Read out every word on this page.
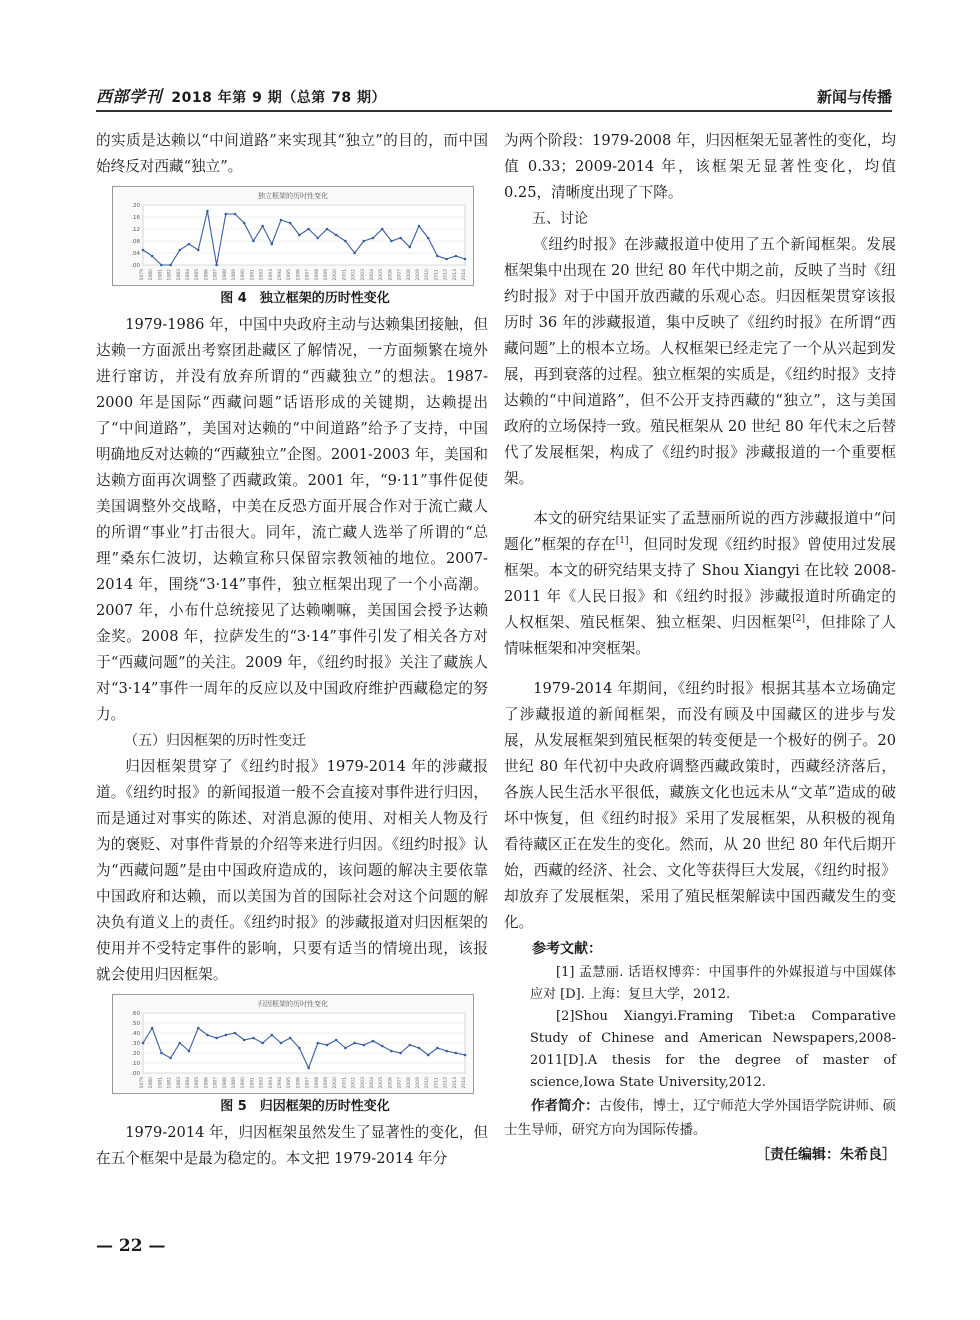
西部学刊 2018 年第 9 期（总第 78 期）	新闻与传播

的实质是达赖以“中间道路”来实现其“独立”的目的，而中国始终反对西藏“独立”。

独立框架的历时性变化
.00
.04
.08
.12
.16
.20
1979 1980 1981 1982 1983 1984 1985 1986 1987 1988 1989 1990 1991 1992 1993 1994 1995 1996 1997 1998 1999 2000 2001 2002 2003 2004 2005 2006 2007 2008 2009 2010 2011 2012 2013 2014

图 4　独立框架的历时性变化

1979-1986 年，中国中央政府主动与达赖集团接触，但达赖一方面派出考察团赴藏区了解情况，一方面频繁在境外进行窜访，并没有放弃所谓的“西藏独立”的想法。1987-2000 年是国际“西藏问题”话语形成的关键期，达赖提出了“中间道路”，美国对达赖的“中间道路”给予了支持，中国明确地反对达赖的“西藏独立”企图。2001-2003 年，美国和达赖方面再次调整了西藏政策。2001 年，“9·11”事件促使美国调整外交战略，中美在反恐方面开展合作对于流亡藏人的所谓“事业”打击很大。同年，流亡藏人选举了所谓的“总理”桑东仁波切，达赖宣称只保留宗教领袖的地位。2007-2014 年，围绕“3·14”事件，独立框架出现了一个小高潮。2007 年，小布什总统接见了达赖喇嘛，美国国会授予达赖金奖。2008 年，拉萨发生的“3·14”事件引发了相关各方对于“西藏问题”的关注。2009 年，《纽约时报》关注了藏族人对“3·14”事件一周年的反应以及中国政府维护西藏稳定的努力。

（五）归因框架的历时性变迁

归因框架贯穿了《纽约时报》1979-2014 年的涉藏报道。《纽约时报》的新闻报道一般不会直接对事件进行归因，而是通过对事实的陈述、对消息源的使用、对相关人物及行为的褒贬、对事件背景的介绍等来进行归因。《纽约时报》认为“西藏问题”是由中国政府造成的，该问题的解决主要依靠中国政府和达赖，而以美国为首的国际社会对这个问题的解决负有道义上的责任。《纽约时报》的涉藏报道对归因框架的使用并不受特定事件的影响，只要有适当的情境出现，该报就会使用归因框架。

归因框架的历时性变化
.00
.10
.20
.30
.40
.50
.60
1979 1980 1981 1982 1983 1984 1985 1986 1987 1988 1989 1990 1991 1992 1993 1994 1995 1996 1997 1998 1999 2000 2001 2002 2003 2004 2005 2006 2007 2008 2009 2010 2011 2012 2013 2014

图 5　归因框架的历时性变化

1979-2014 年，归因框架虽然发生了显著性的变化，但在五个框架中是最为稳定的。本文把 1979-2014 年分

为两个阶段：1979-2008 年，归因框架无显著性的变化，均值 0.33；2009-2014 年，该框架无显著性变化，均值 0.25，清晰度出现了下降。

五、讨论

《纽约时报》在涉藏报道中使用了五个新闻框架。发展框架集中出现在 20 世纪 80 年代中期之前，反映了当时《纽约时报》对于中国开放西藏的乐观心态。归因框架贯穿该报历时 36 年的涉藏报道，集中反映了《纽约时报》在所谓“西藏问题”上的根本立场。人权框架已经走完了一个从兴起到发展，再到衰落的过程。独立框架的实质是，《纽约时报》支持达赖的“中间道路”，但不公开支持西藏的“独立”，这与美国政府的立场保持一致。殖民框架从 20 世纪 80 年代末之后替代了发展框架，构成了《纽约时报》涉藏报道的一个重要框架。

本文的研究结果证实了孟慧丽所说的西方涉藏报道中“问题化”框架的存在[1]，但同时发现《纽约时报》曾使用过发展框架。本文的研究结果支持了 Shou Xiangyi 在比较 2008-2011 年《人民日报》和《纽约时报》涉藏报道时所确定的人权框架、殖民框架、独立框架、归因框架[2]，但排除了人情味框架和冲突框架。

1979-2014 年期间，《纽约时报》根据其基本立场确定了涉藏报道的新闻框架，而没有顾及中国藏区的进步与发展，从发展框架到殖民框架的转变便是一个极好的例子。20 世纪 80 年代初中央政府调整西藏政策时，西藏经济落后，各族人民生活水平很低，藏族文化也远未从“文革”造成的破坏中恢复，但《纽约时报》采用了发展框架，从积极的视角看待藏区正在发生的变化。然而，从 20 世纪 80 年代后期开始，西藏的经济、社会、文化等获得巨大发展，《纽约时报》却放弃了发展框架，采用了殖民框架解读中国西藏发生的变化。

参考文献：

[1] 孟慧丽. 话语权博弈：中国事件的外媒报道与中国媒体应对 [D]. 上海：复旦大学，2012.

[2]Shou Xiangyi.Framing Tibet:a Comparative Study of Chinese and American Newspapers,2008-2011[D].A thesis for the degree of master of science,Iowa State University,2012.

作者简介：古俊伟，博士，辽宁师范大学外国语学院讲师、硕士生导师，研究方向为国际传播。

［责任编辑：朱希良］

— 22 —
